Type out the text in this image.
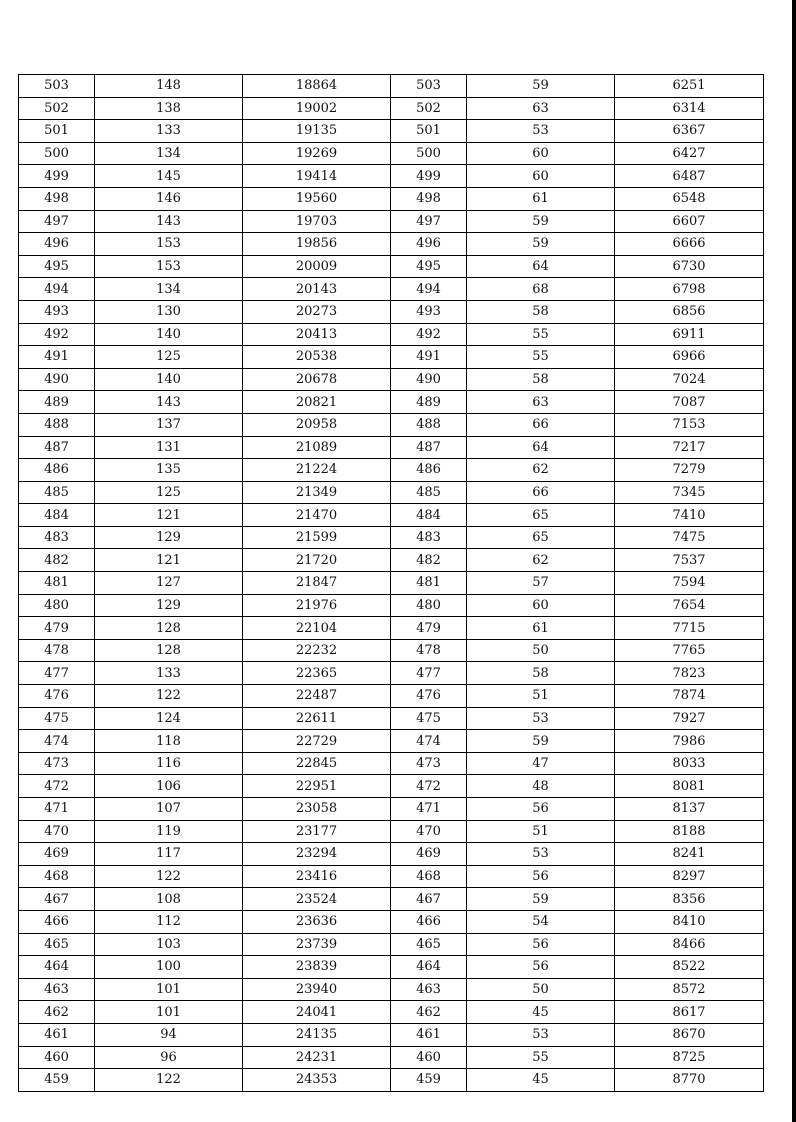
503	148	18864	503	59	6251
502	138	19002	502	63	6314
501	133	19135	501	53	6367
500	134	19269	500	60	6427
499	145	19414	499	60	6487
498	146	19560	498	61	6548
497	143	19703	497	59	6607
496	153	19856	496	59	6666
495	153	20009	495	64	6730
494	134	20143	494	68	6798
493	130	20273	493	58	6856
492	140	20413	492	55	6911
491	125	20538	491	55	6966
490	140	20678	490	58	7024
489	143	20821	489	63	7087
488	137	20958	488	66	7153
487	131	21089	487	64	7217
486	135	21224	486	62	7279
485	125	21349	485	66	7345
484	121	21470	484	65	7410
483	129	21599	483	65	7475
482	121	21720	482	62	7537
481	127	21847	481	57	7594
480	129	21976	480	60	7654
479	128	22104	479	61	7715
478	128	22232	478	50	7765
477	133	22365	477	58	7823
476	122	22487	476	51	7874
475	124	22611	475	53	7927
474	118	22729	474	59	7986
473	116	22845	473	47	8033
472	106	22951	472	48	8081
471	107	23058	471	56	8137
470	119	23177	470	51	8188
469	117	23294	469	53	8241
468	122	23416	468	56	8297
467	108	23524	467	59	8356
466	112	23636	466	54	8410
465	103	23739	465	56	8466
464	100	23839	464	56	8522
463	101	23940	463	50	8572
462	101	24041	462	45	8617
461	94	24135	461	53	8670
460	96	24231	460	55	8725
459	122	24353	459	45	8770
